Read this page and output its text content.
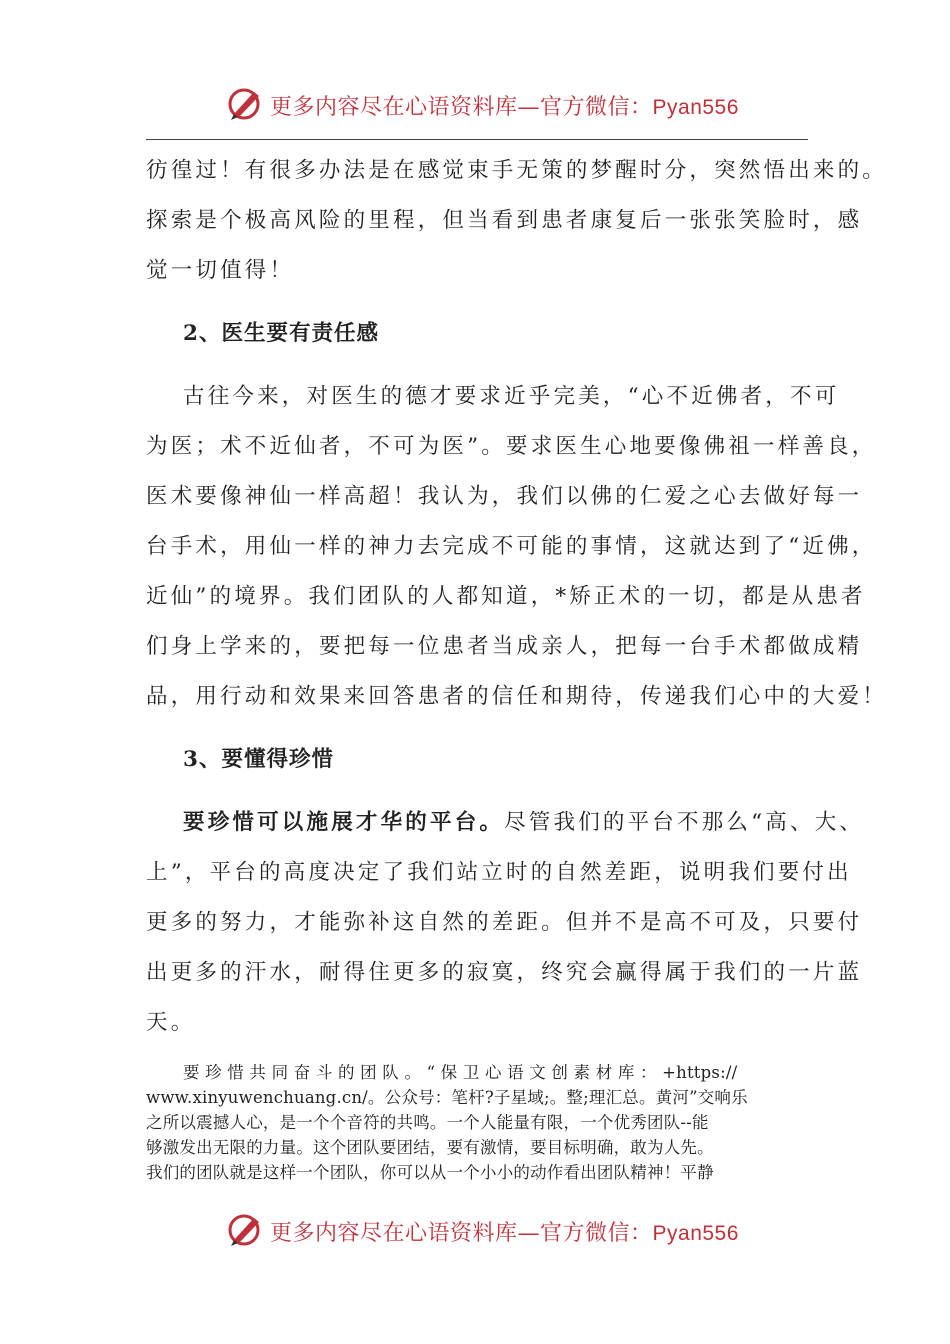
更多内容尽在心语资料库—官方微信：Pyan556
彷徨过！有很多办法是在感觉束手无策的梦醒时分，突然悟出来的。
探索是个极高风险的里程，但当看到患者康复后一张张笑脸时，感
觉一切值得！
2、医生要有责任感
古往今来，对医生的德才要求近乎完美，“心不近佛者，不可
为医；术不近仙者，不可为医”。要求医生心地要像佛祖一样善良，
医术要像神仙一样高超！我认为，我们以佛的仁爱之心去做好每一
台手术，用仙一样的神力去完成不可能的事情，这就达到了“近佛，
近仙”的境界。我们团队的人都知道，*矫正术的一切，都是从患者
们身上学来的，要把每一位患者当成亲人，把每一台手术都做成精
品，用行动和效果来回答患者的信任和期待，传递我们心中的大爱！
3、要懂得珍惜
要珍惜可以施展才华的平台。尽管我们的平台不那么“高、大、
上”，平台的高度决定了我们站立时的自然差距，说明我们要付出
更多的努力，才能弥补这自然的差距。但并不是高不可及，只要付
出更多的汗水，耐得住更多的寂寞，终究会赢得属于我们的一片蓝
天。
要 珍 惜 共 同 奋 斗 的 团 队 。 “ 保 卫 心 语 文 创 素 材 库 ： +https://
www.xinyuwenchuang.cn/。公众号：笔杆?子星域;。整;理汇总。黄河”交响乐
之所以震撼人心，是一个个音符的共鸣。一个人能量有限，一个优秀团队--能
够激发出无限的力量。这个团队要团结，要有激情，要目标明确，敢为人先。
我们的团队就是这样一个团队，你可以从一个小小的动作看出团队精神！平静
更多内容尽在心语资料库—官方微信：Pyan556
